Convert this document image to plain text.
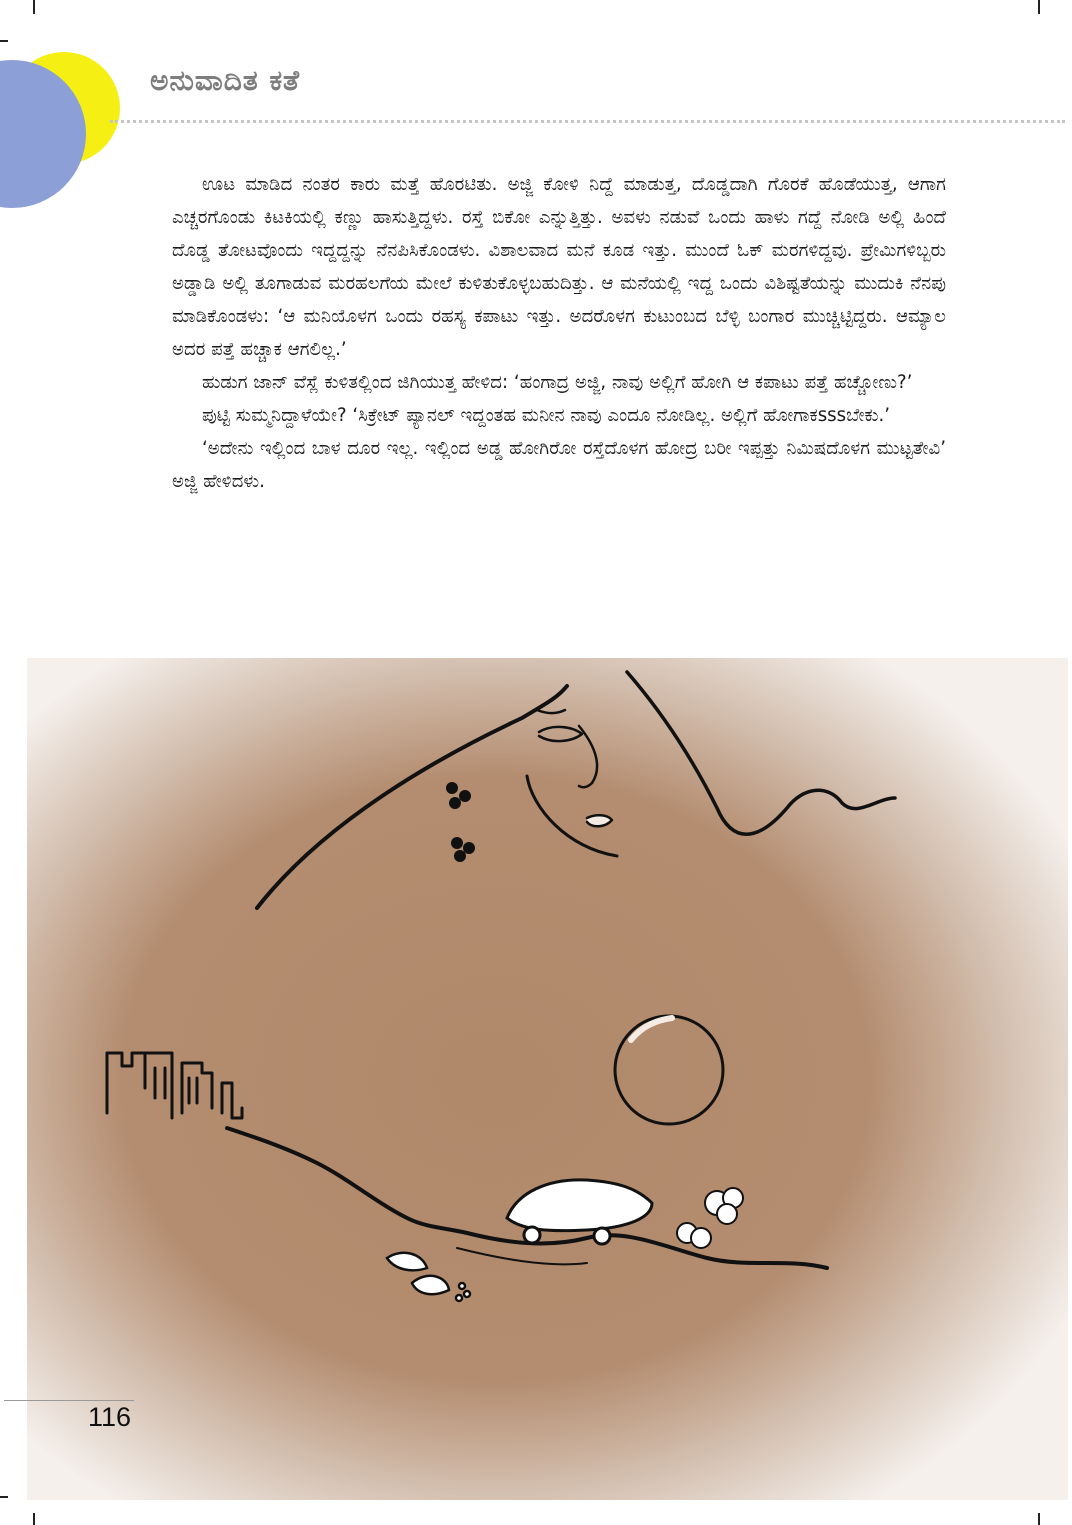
ಅನುವಾದಿತ ಕತೆ

ಊಟ ಮಾಡಿದ ನಂತರ ಕಾರು ಮತ್ತೆ ಹೊರಟಿತು. ಅಜ್ಜಿ ಕೋಳಿ ನಿದ್ದೆ ಮಾಡುತ್ತ, ದೊಡ್ಡದಾಗಿ ಗೊರಕೆ ಹೊಡೆಯುತ್ತ, ಆಗಾಗ ಎಚ್ಚರಗೊಂಡು ಕಿಟಕಿಯಲ್ಲಿ ಕಣ್ಣು ಹಾಸುತ್ತಿದ್ದಳು. ರಸ್ತೆ ಬಿಕೋ ಎನ್ನುತ್ತಿತ್ತು. ಅವಳು ನಡುವೆ ಒಂದು ಹಾಳು ಗದ್ದೆ ನೋಡಿ ಅಲ್ಲಿ ಹಿಂದೆ ದೊಡ್ಡ ತೋಟವೊಂದು ಇದ್ದದ್ದನ್ನು ನೆನಪಿಸಿಕೊಂಡಳು. ವಿಶಾಲವಾದ ಮನೆ ಕೂಡ ಇತ್ತು. ಮುಂದೆ ಓಕ್ ಮರಗಳಿದ್ದವು. ಪ್ರೇಮಿಗಳಿಬ್ಬರು ಅಡ್ಡಾಡಿ ಅಲ್ಲಿ ತೂಗಾಡುವ ಮರಹಲಗೆಯ ಮೇಲೆ ಕುಳಿತುಕೊಳ್ಳಬಹುದಿತ್ತು. ಆ ಮನೆಯಲ್ಲಿ ಇದ್ದ ಒಂದು ವಿಶಿಷ್ಟತೆಯನ್ನು ಮುದುಕಿ ನೆನಪು ಮಾಡಿಕೊಂಡಳು: ‘ಆ ಮನಿಯೊಳಗ ಒಂದು ರಹಸ್ಯ ಕಪಾಟು ಇತ್ತು. ಅದರೊಳಗ ಕುಟುಂಬದ ಬೆಳ್ಳಿ ಬಂಗಾರ ಮುಚ್ಚಿಟ್ಟಿದ್ದರು. ಆಮ್ಯಾಲ ಅದರ ಪತ್ತೆ ಹಚ್ಚಾಕ ಆಗಲಿಲ್ಲ.’

ಹುಡುಗ ಜಾನ್ ವೆಸ್ಲೆ ಕುಳಿತಲ್ಲಿಂದ ಜಿಗಿಯುತ್ತ ಹೇಳಿದ: ‘ಹಂಗಾದ್ರ ಅಜ್ಜಿ, ನಾವು ಅಲ್ಲಿಗೆ ಹೋಗಿ ಆ ಕಪಾಟು ಪತ್ತೆ ಹಚ್ಚೋಣು?’

ಪುಟ್ಟಿ ಸುಮ್ಮನಿದ್ದಾಳೆಯೇ? ‘ಸಿಕ್ರೇಟ್ ಪ್ಯಾನಲ್ ಇದ್ದಂತಹ ಮನೀನ ನಾವು ಎಂದೂ ನೋಡಿಲ್ಲ. ಅಲ್ಲಿಗೆ ಹೋಗಾಕsssಬೇಕು.’

‘ಅದೇನು ಇಲ್ಲಿಂದ ಬಾಳ ದೂರ ಇಲ್ಲ. ಇಲ್ಲಿಂದ ಅಡ್ಡ ಹೋಗಿರೋ ರಸ್ತೆದೊಳಗ ಹೋದ್ರ ಬರೀ ಇಪ್ಪತ್ತು ನಿಮಿಷದೊಳಗ ಮುಟ್ಟತೇವಿ’ ಅಜ್ಜಿ ಹೇಳಿದಳು.

116
